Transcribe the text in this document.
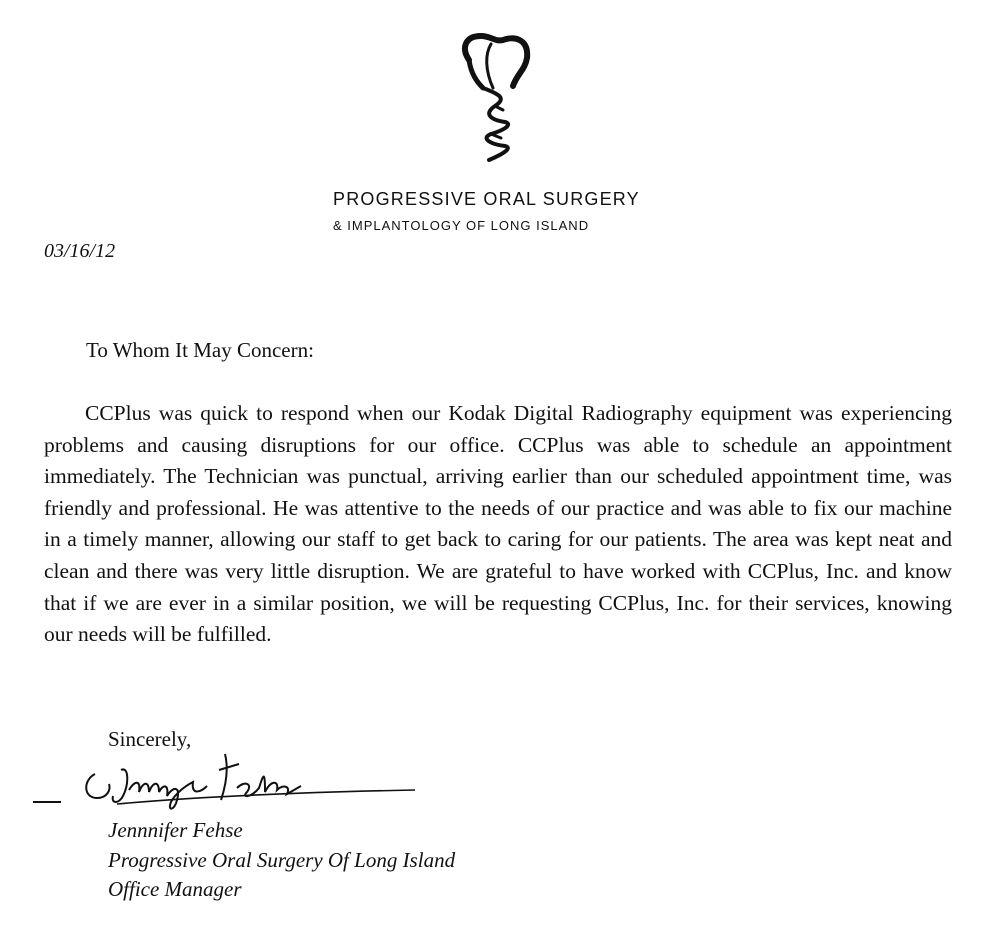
PROGRESSIVE ORAL SURGERY
& IMPLANTOLOGY OF LONG ISLAND
03/16/12
To Whom It May Concern:
CCPlus was quick to respond when our Kodak Digital Radiography equipment was experiencing problems and causing disruptions for our office. CCPlus was able to schedule an appointment immediately. The Technician was punctual, arriving earlier than our scheduled appointment time, was friendly and professional. He was attentive to the needs of our practice and was able to fix our machine in a timely manner, allowing our staff to get back to caring for our patients. The area was kept neat and clean and there was very little disruption. We are grateful to have worked with CCPlus, Inc. and know that if we are ever in a similar position, we will be requesting CCPlus, Inc. for their services, knowing our needs will be fulfilled.
Sincerely,
Jennnifer Fehse
Progressive Oral Surgery Of Long Island
Office Manager
